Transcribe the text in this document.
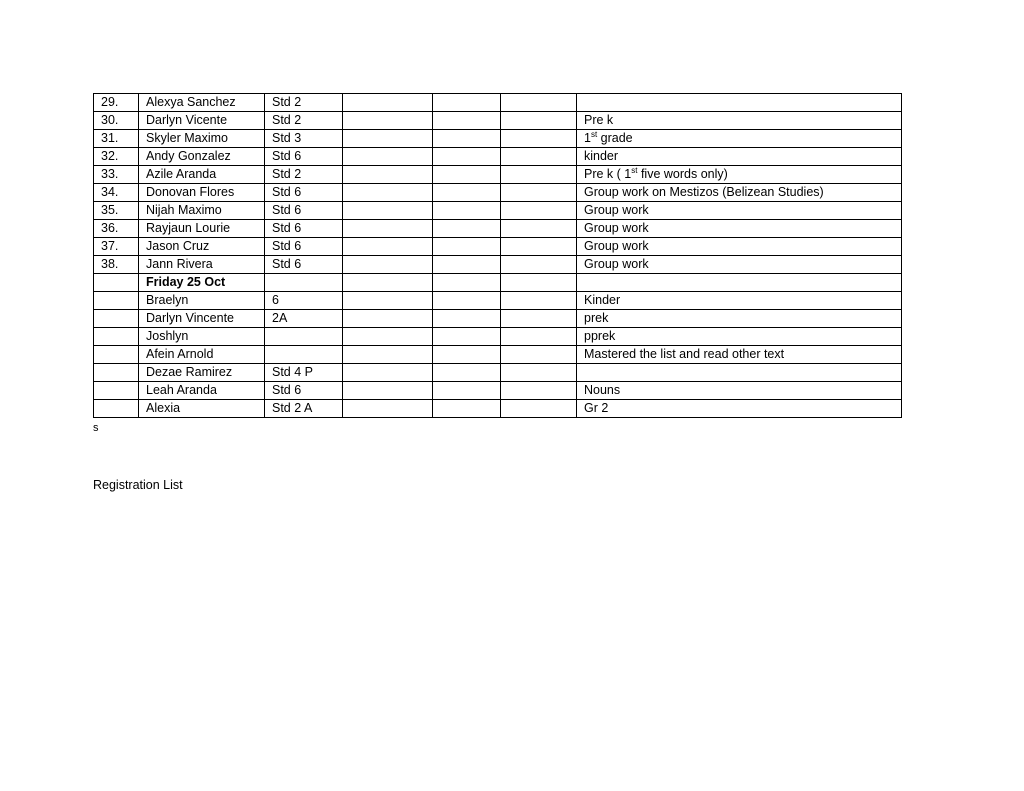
29.	Alexya Sanchez	Std 2				
30.	Darlyn Vicente	Std 2				Pre k
31.	Skyler Maximo	Std 3				1st grade
32.	Andy Gonzalez	Std 6				kinder
33.	Azile Aranda	Std 2				Pre k ( 1st five words only)
34.	Donovan Flores	Std 6				Group work on Mestizos (Belizean Studies)
35.	Nijah Maximo	Std 6				Group work
36.	Rayjaun Lourie	Std 6				Group work
37.	Jason Cruz	Std 6				Group work
38.	Jann Rivera	Std 6				Group work
	Friday 25 Oct					
	Braelyn	6				Kinder
	Darlyn Vincente	2A				prek
	Joshlyn					pprek
	Afein Arnold					Mastered the list and read other text
	Dezae Ramirez	Std 4 P				
	Leah Aranda	Std 6				Nouns
	Alexia	Std 2 A				Gr 2
s
Registration List
